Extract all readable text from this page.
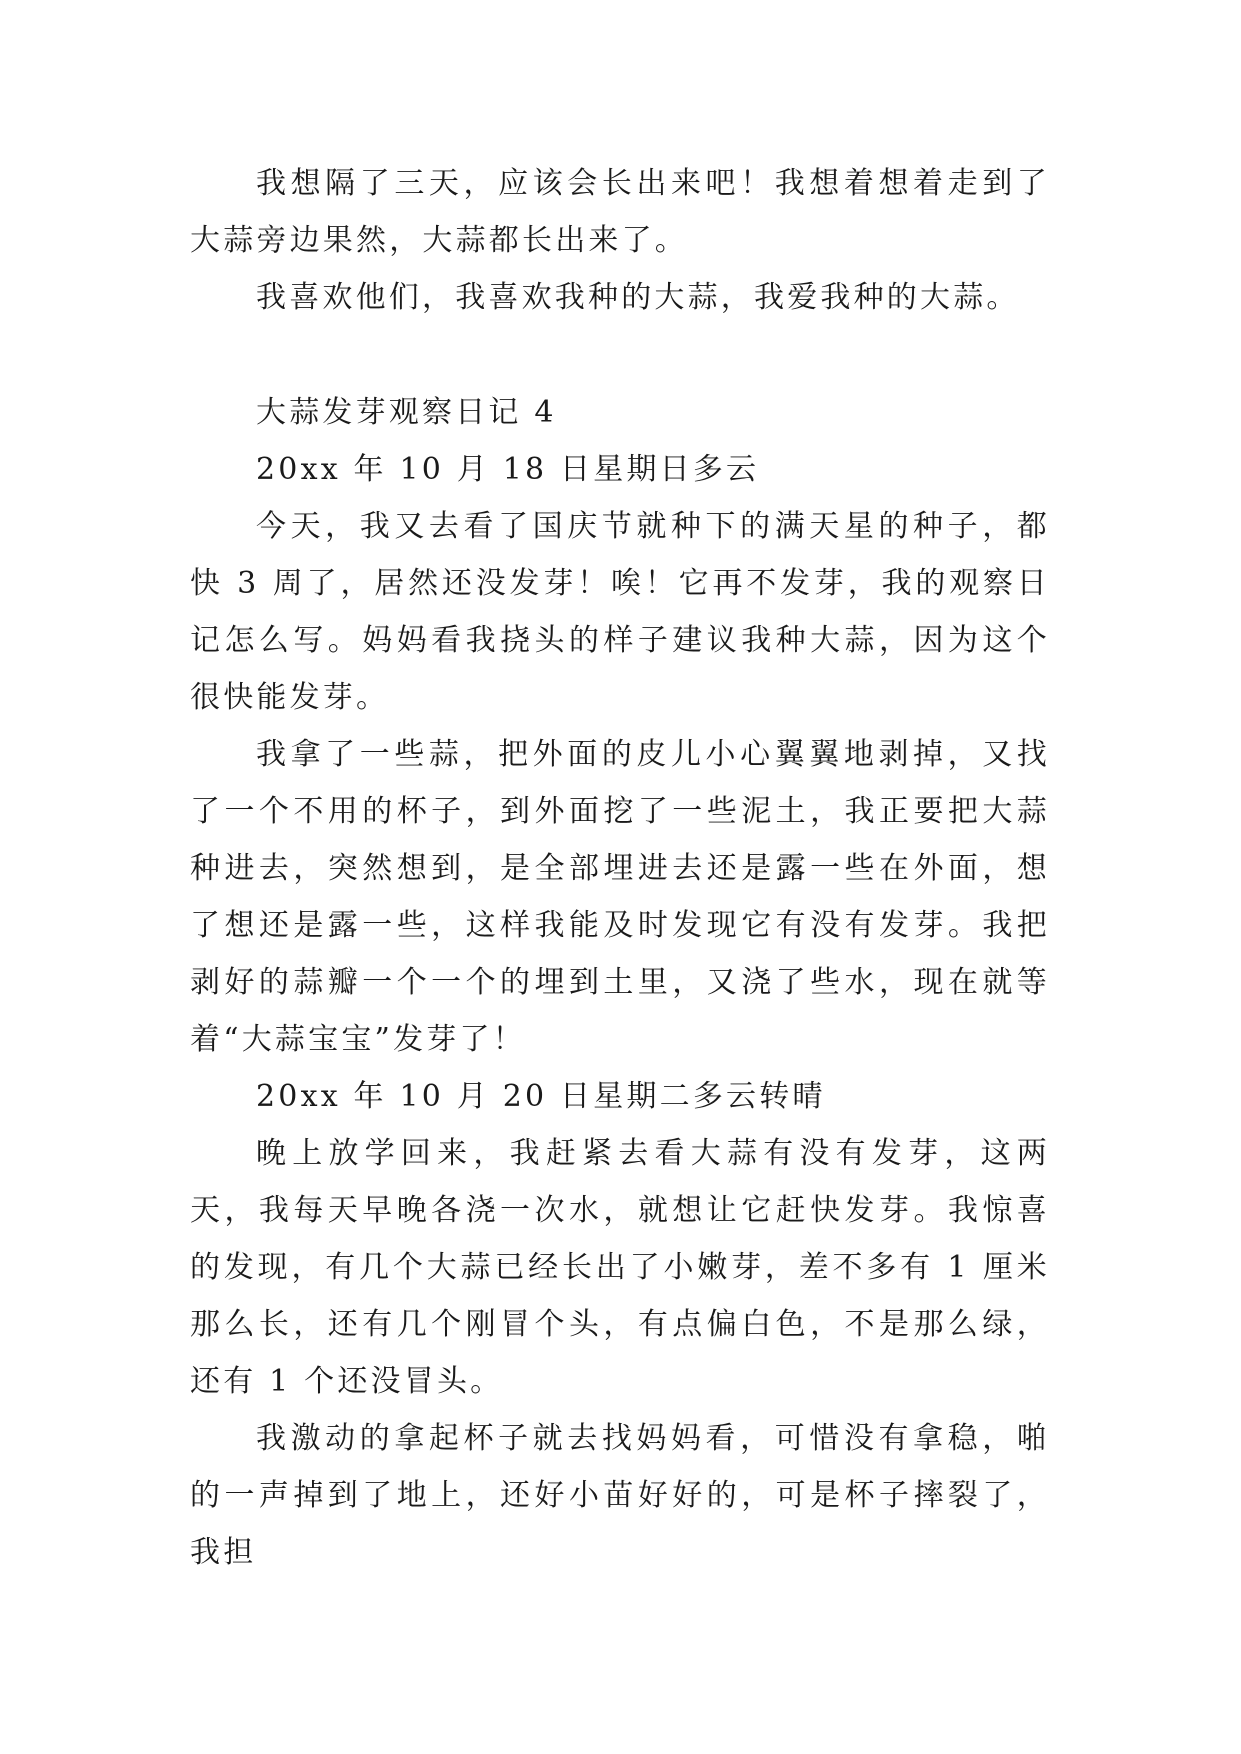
我想隔了三天，应该会长出来吧！我想着想着走到了大蒜旁边果然，大蒜都长出来了。

我喜欢他们，我喜欢我种的大蒜，我爱我种的大蒜。

大蒜发芽观察日记 4

20xx 年 10 月 18 日星期日多云

今天，我又去看了国庆节就种下的满天星的种子，都快 3 周了，居然还没发芽！唉！它再不发芽，我的观察日记怎么写。妈妈看我挠头的样子建议我种大蒜，因为这个很快能发芽。

我拿了一些蒜，把外面的皮儿小心翼翼地剥掉，又找了一个不用的杯子，到外面挖了一些泥土，我正要把大蒜种进去，突然想到，是全部埋进去还是露一些在外面，想了想还是露一些，这样我能及时发现它有没有发芽。我把剥好的蒜瓣一个一个的埋到土里，又浇了些水，现在就等着“大蒜宝宝”发芽了！

20xx 年 10 月 20 日星期二多云转晴

晚上放学回来，我赶紧去看大蒜有没有发芽，这两天，我每天早晚各浇一次水，就想让它赶快发芽。我惊喜的发现，有几个大蒜已经长出了小嫩芽，差不多有 1 厘米那么长，还有几个刚冒个头，有点偏白色，不是那么绿，还有 1 个还没冒头。

我激动的拿起杯子就去找妈妈看，可惜没有拿稳，啪的一声掉到了地上，还好小苗好好的，可是杯子摔裂了，我担
